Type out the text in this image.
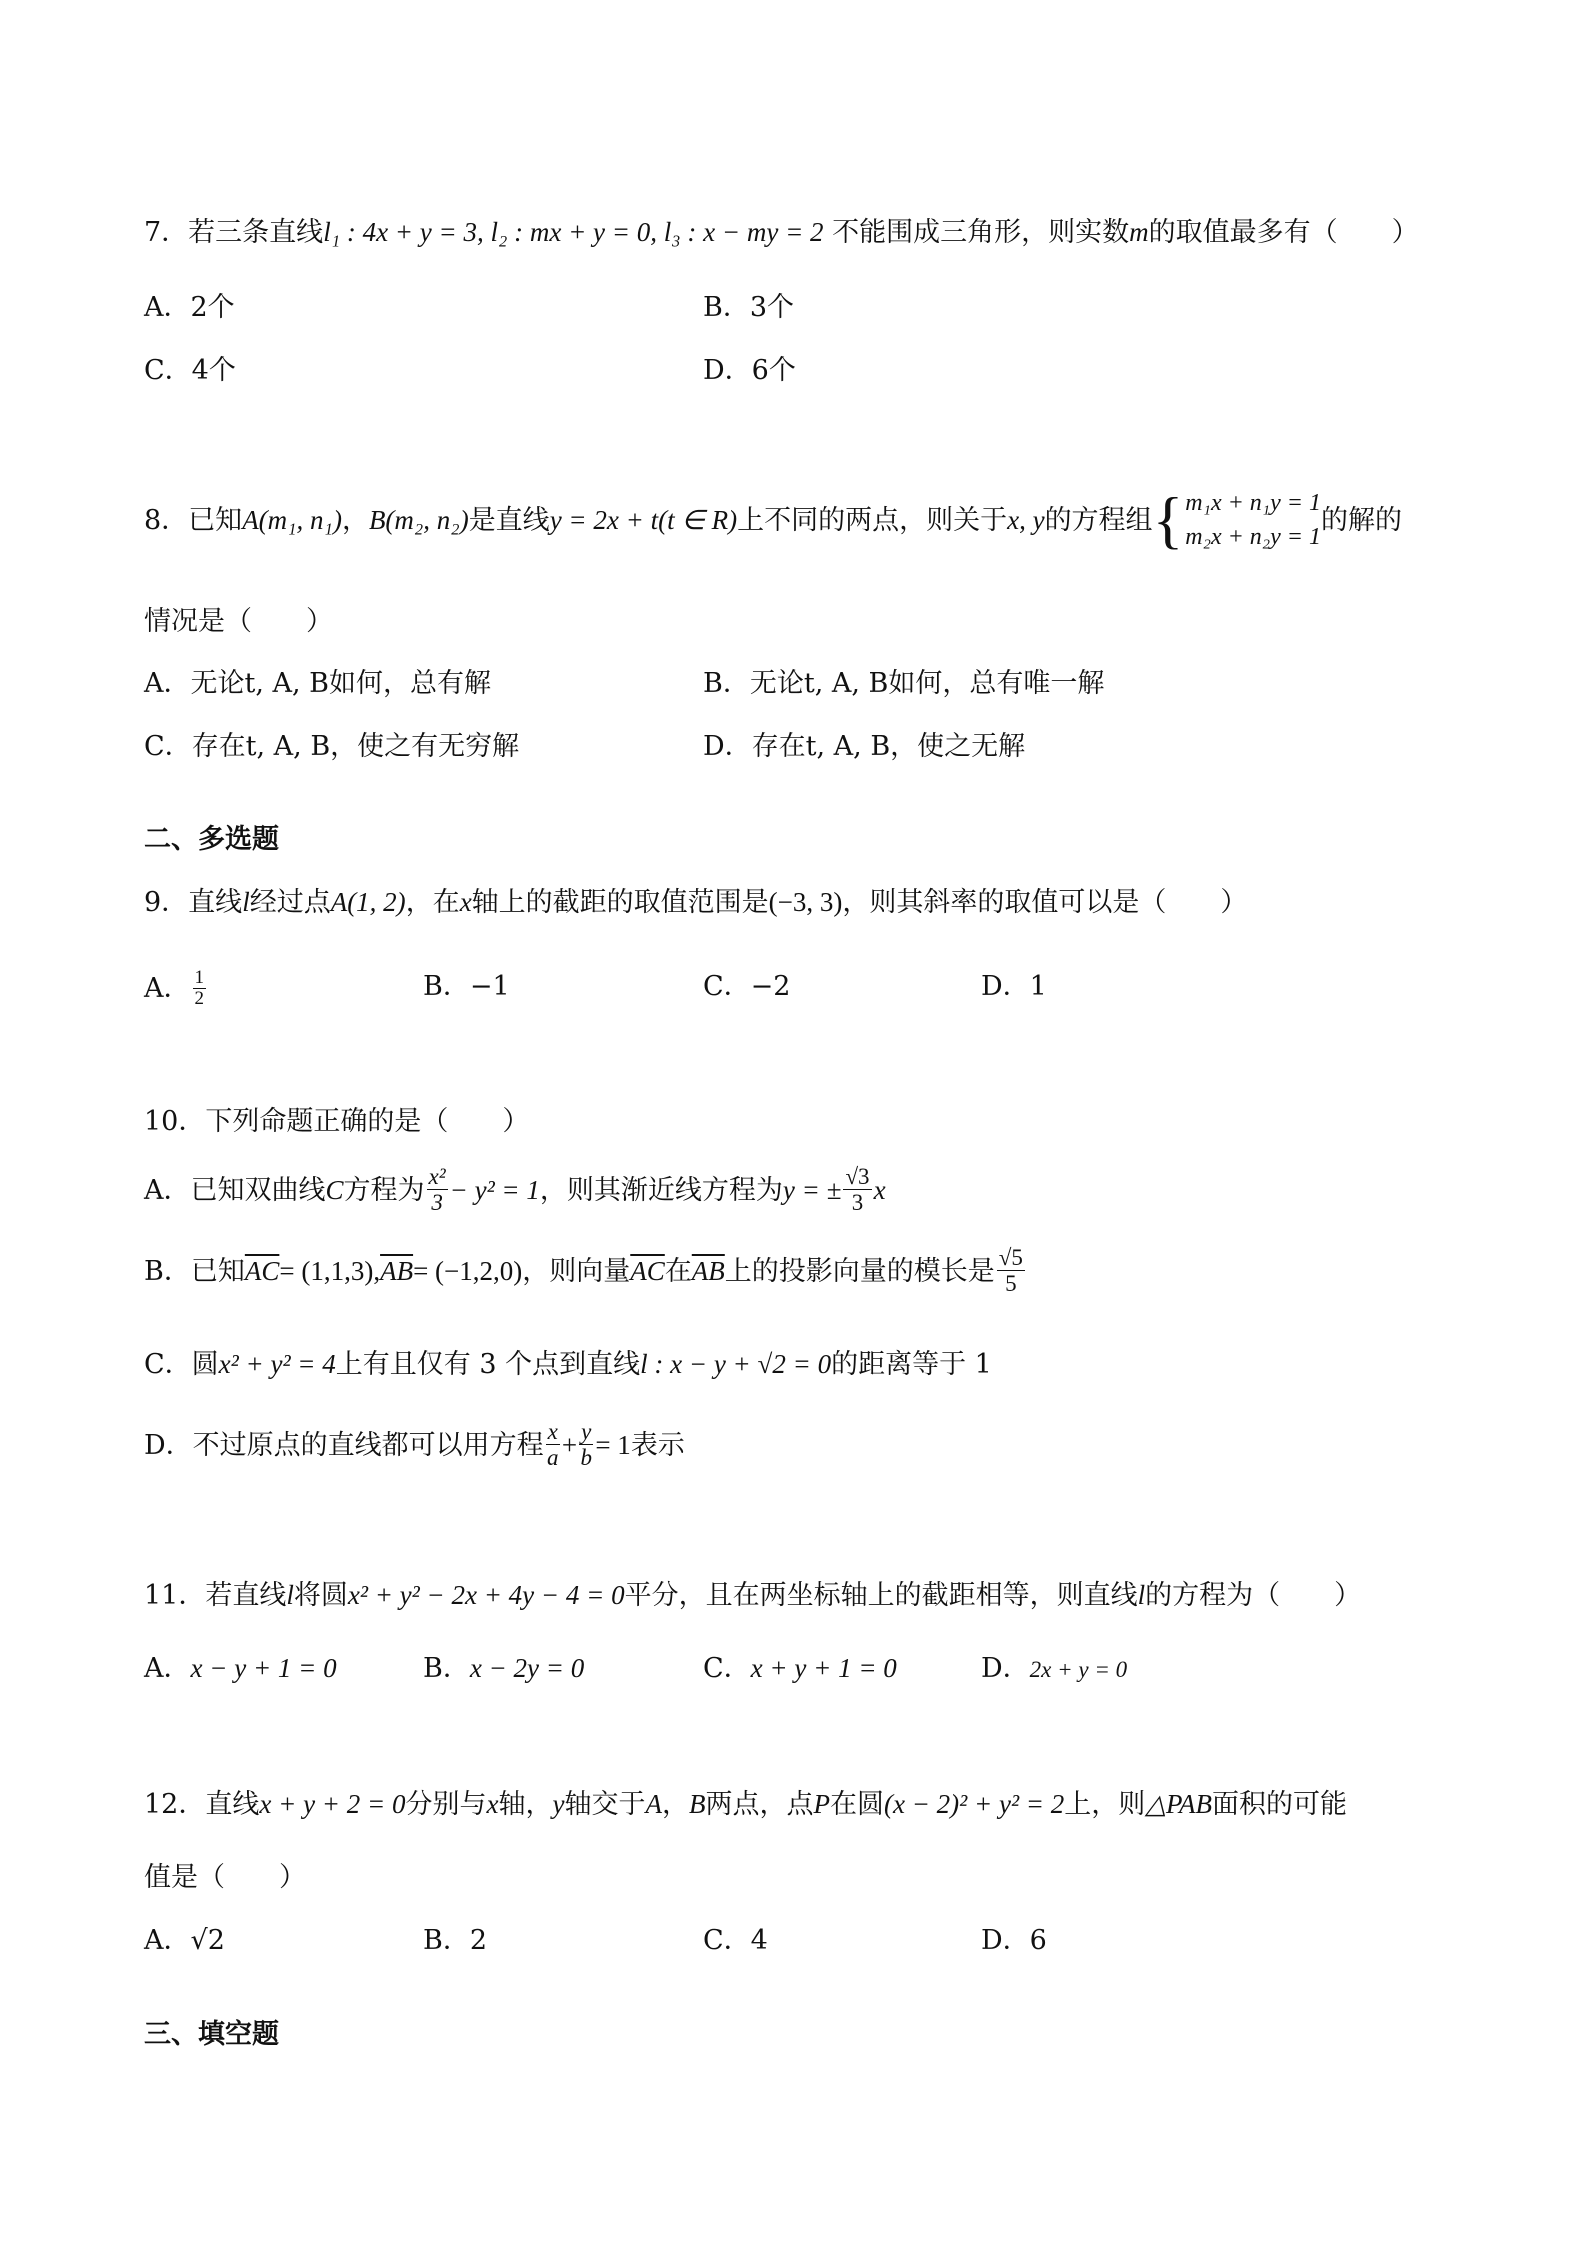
7．若三条直线l₁ : 4x + y = 3, l₂ : mx + y = 0, l₃ : x − my = 2 不能围成三角形，则实数m的取值最多有（　　）
A．2个	B．3个
C．4个	D．6个
8．已知 A(m₁, n₁) ， B(m₂, n₂) 是直线 y = 2x + t(t ∈ R) 上不同的两点，则关于 x, y 的方程组 { m₁x + n₁y = 1
m₂x + n₂y = 1
的解的
情况是（　　）
A．无论t, A, B如何，总有解	B．无论t, A, B如何，总有唯一解
C．存在t, A, B，使之有无穷解	D．存在t, A, B，使之无解
二、多选题
9．直线l经过点A(1, 2)，在x轴上的截距的取值范围是(−3, 3)，则其斜率的取值可以是（　　）
A． $\frac{1}{2}$	B．−1	C．−2	D．1
10．下列命题正确的是（　　）
A．已知双曲线 C 方程为 $\frac{\text{x²}}{3} - y^2 = 1$ ，则其渐近线方程为 y = ± $\frac{√3}{3}$ x
B．已知 $\overline{AC} = (1,1,3)$, $\overline{AB} = (-1,2,0)$ ，则向量 $\overline{AC}$ 在 $\overline{AB}$ 上的投影向量的模长是 $\frac{√5}{5}$
C．圆x² + y² = 4上有且仅有 3 个点到直线l : x − y + √2 = 0的距离等于 1
D．不过原点的直线都可以用方程 $\frac{x}{a} + \frac{y}{b} = 1$ 表示
11．若直线l将圆x² + y² − 2x + 4y − 4 = 0平分，且在两坐标轴上的截距相等，则直线l的方程为（　　）
A．x − y + 1 = 0	B．x − 2y = 0	C．x + y + 1 = 0	D．2x + y = 0
12．直线x + y + 2 = 0分别与x轴，y轴交于A，B两点，点P在圆(x − 2)² + y² = 2上，则△PAB面积的可能
值是（　　）
A．√2	B．2	C．4	D．6
三、填空题
